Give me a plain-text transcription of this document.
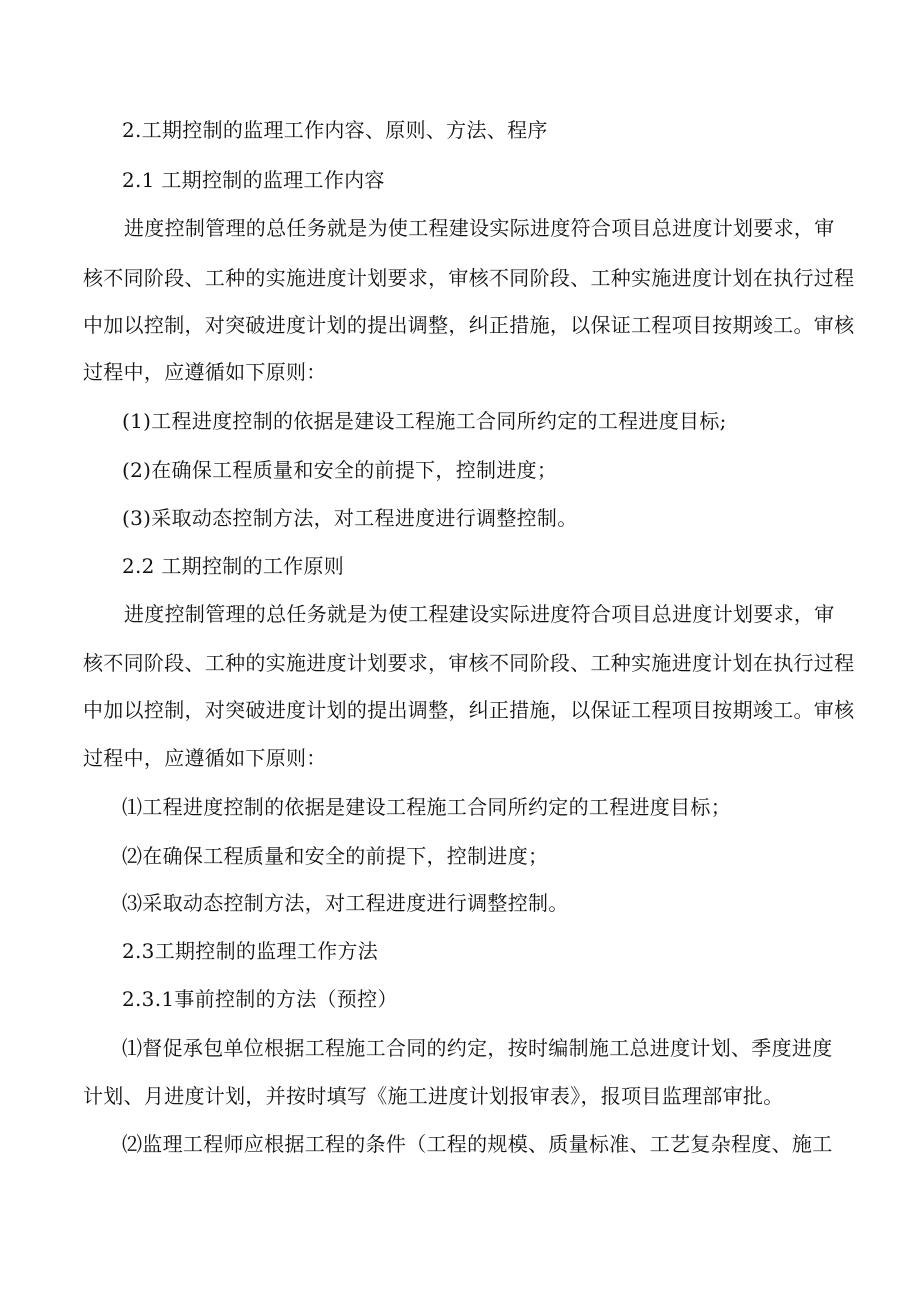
2.工期控制的监理工作内容、原则、方法、程序
2.1 工期控制的监理工作内容
进度控制管理的总任务就是为使工程建设实际进度符合项目总进度计划要求，审
核不同阶段、工种的实施进度计划要求，审核不同阶段、工种实施进度计划在执行过程
中加以控制，对突破进度计划的提出调整，纠正措施，以保证工程项目按期竣工。审核
过程中，应遵循如下原则：
(1)工程进度控制的依据是建设工程施工合同所约定的工程进度目标;
(2)在确保工程质量和安全的前提下，控制进度；
(3)采取动态控制方法，对工程进度进行调整控制。
2.2 工期控制的工作原则
进度控制管理的总任务就是为使工程建设实际进度符合项目总进度计划要求，审
核不同阶段、工种的实施进度计划要求，审核不同阶段、工种实施进度计划在执行过程
中加以控制，对突破进度计划的提出调整，纠正措施，以保证工程项目按期竣工。审核
过程中，应遵循如下原则：
⑴工程进度控制的依据是建设工程施工合同所约定的工程进度目标；
⑵在确保工程质量和安全的前提下，控制进度；
⑶采取动态控制方法，对工程进度进行调整控制。
2.3工期控制的监理工作方法
2.3.1事前控制的方法（预控）
⑴督促承包单位根据工程施工合同的约定，按时编制施工总进度计划、季度进度
计划、月进度计划，并按时填写《施工进度计划报审表》，报项目监理部审批。
⑵监理工程师应根据工程的条件（工程的规模、质量标准、工艺复杂程度、施工
